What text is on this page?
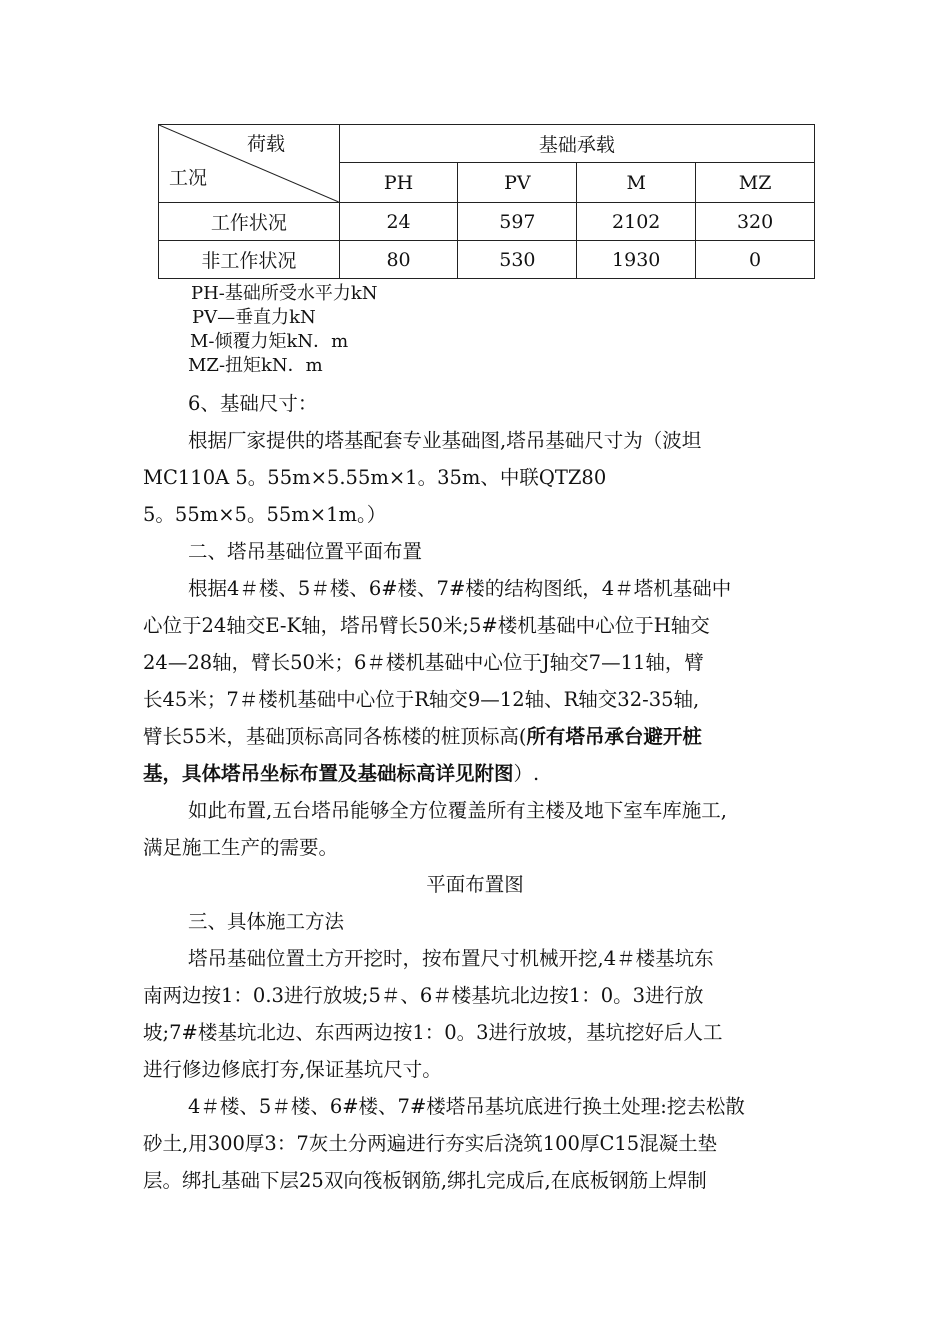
荷载
工况	基础承载			
	PH	PV	M	MZ
工作状况	24	597	2102	320
非工作状况	80	530	1930	0
PH-基础所受水平力kN
PV—垂直力kN
M-倾覆力矩kN．m
MZ-扭矩kN．m
6、基础尺寸：
根据厂家提供的塔基配套专业基础图,塔吊基础尺寸为（波坦
MC110A 5。55m×5.55m×1。35m、中联QTZ80
5。55m×5。55m×1m。）
二、塔吊基础位置平面布置
根据4＃楼、5＃楼、6#楼、7#楼的结构图纸，4＃塔机基础中
心位于24轴交E-K轴，塔吊臂长50米;5#楼机基础中心位于H轴交
24—28轴，臂长50米；6＃楼机基础中心位于J轴交7—11轴，臂
长45米；7＃楼机基础中心位于R轴交9—12轴、R轴交32-35轴,
臂长55米，基础顶标高同各栋楼的桩顶标高(所有塔吊承台避开桩
基，具体塔吊坐标布置及基础标高详见附图）.
如此布置,五台塔吊能够全方位覆盖所有主楼及地下室车库施工,
满足施工生产的需要。
平面布置图
三、具体施工方法
塔吊基础位置土方开挖时，按布置尺寸机械开挖,4＃楼基坑东
南两边按1：0.3进行放坡;5＃、6＃楼基坑北边按1：0。3进行放
坡;7#楼基坑北边、东西两边按1：0。3进行放坡，基坑挖好后人工
进行修边修底打夯,保证基坑尺寸。
4＃楼、5＃楼、6#楼、7#楼塔吊基坑底进行换土处理:挖去松散
砂土,用300厚3：7灰土分两遍进行夯实后浇筑100厚C15混凝土垫
层。绑扎基础下层25双向筏板钢筋,绑扎完成后,在底板钢筋上焊制
